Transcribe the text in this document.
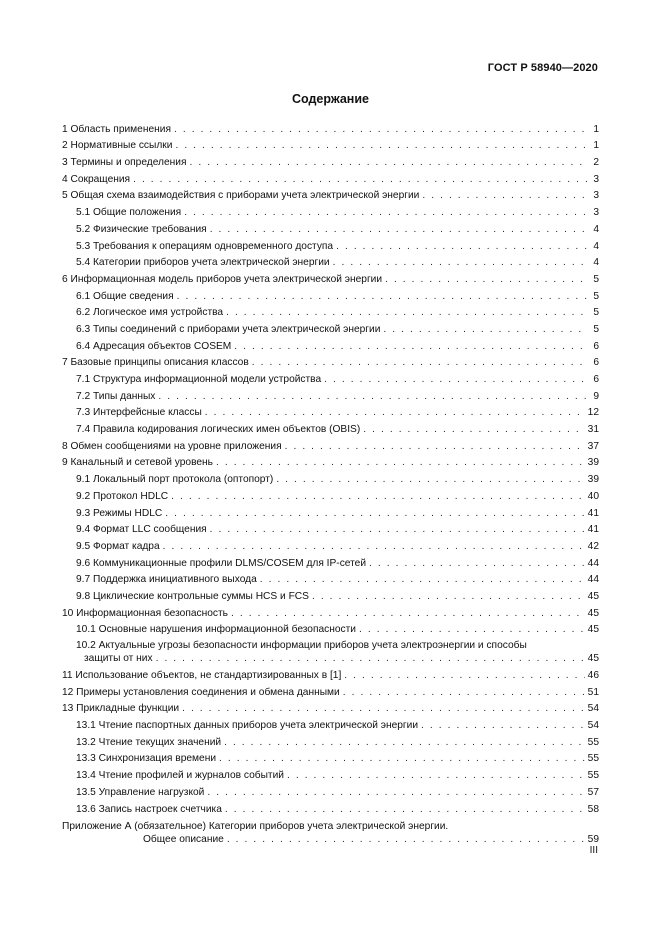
ГОСТ Р 58940—2020
Содержание
1 Область применения . . .	1
2 Нормативные ссылки . . .	1
3 Термины и определения . . .	2
4 Сокращения . . .	3
5 Общая схема взаимодействия с приборами учета электрической энергии . . .	3
5.1 Общие положения . . .	3
5.2 Физические требования . . .	4
5.3 Требования к операциям одновременного доступа . . .	4
5.4 Категории приборов учета электрической энергии . . .	4
6 Информационная модель приборов учета электрической энергии . . .	5
6.1 Общие сведения . . .	5
6.2 Логическое имя устройства . . .	5
6.3 Типы соединений с приборами учета электрической энергии . . .	5
6.4 Адресация объектов COSEM . . .	6
7 Базовые принципы описания классов . . .	6
7.1 Структура информационной модели устройства . . .	6
7.2 Типы данных . . .	9
7.3 Интерфейсные классы . . .	12
7.4 Правила кодирования логических имен объектов (OBIS) . . .	31
8 Обмен сообщениями на уровне приложения . . .	37
9 Канальный и сетевой уровень . . .	39
9.1 Локальный порт протокола (оптопорт) . . .	39
9.2 Протокол HDLC . . .	40
9.3 Режимы HDLC . . .	41
9.4 Формат LLC сообщения . . .	41
9.5 Формат кадра . . .	42
9.6 Коммуникационные профили DLMS/COSEM для IP-сетей . . .	44
9.7 Поддержка инициативного выхода . . .	44
9.8 Циклические контрольные суммы HCS и FCS . . .	45
10 Информационная безопасность . . .	45
10.1 Основные нарушения информационной безопасности . . .	45
10.2 Актуальные угрозы безопасности информации приборов учета электроэнергии и способы
защиты от них . . .	45
11 Использование объектов, не стандартизированных в [1] . . .	46
12 Примеры установления соединения и обмена данными . . .	51
13 Прикладные функции . . .	54
13.1 Чтение паспортных данных приборов учета электрической энергии . . .	54
13.2 Чтение текущих значений . . .	55
13.3 Синхронизация времени . . .	55
13.4 Чтение профилей и журналов событий . . .	55
13.5 Управление нагрузкой . . .	57
13.6 Запись настроек счетчика . . .	58
Приложение А (обязательное) Категории приборов учета электрической энергии.
Общее описание . . .	59
III
